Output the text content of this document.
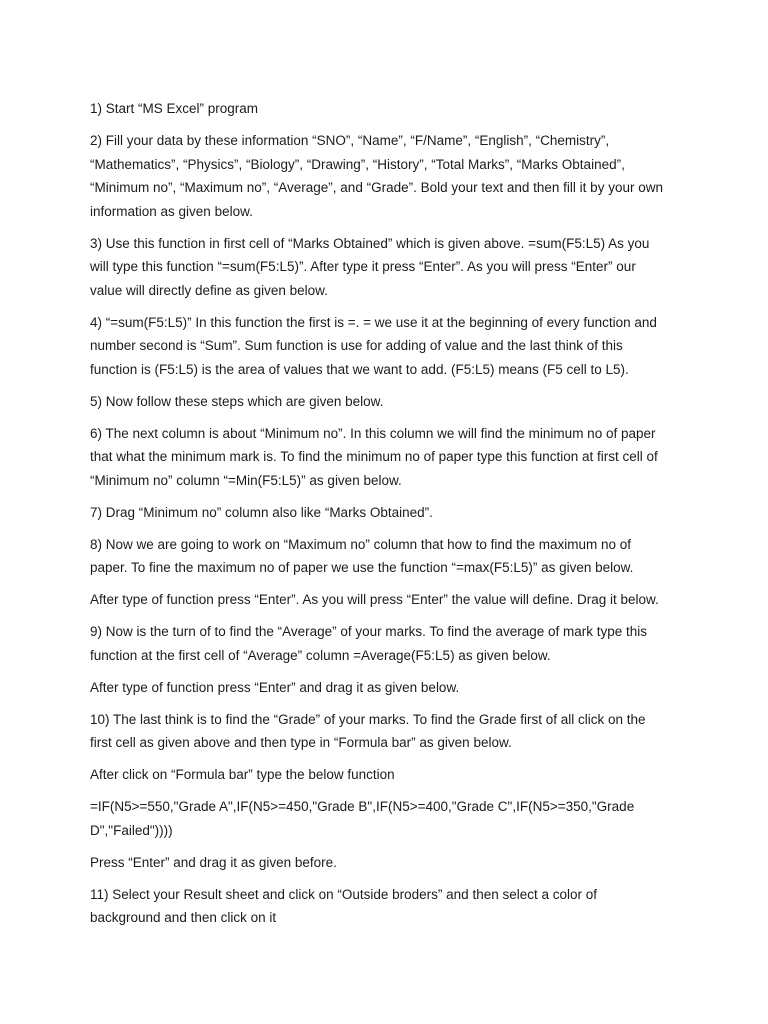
1) Start “MS Excel” program

2) Fill your data by these information “SNO”, “Name”, “F/Name”, “English”, “Chemistry”,
“Mathematics”, “Physics”, “Biology”, “Drawing”, “History”, “Total Marks”, “Marks Obtained”,
“Minimum no”, “Maximum no”, “Average”, and “Grade”. Bold your text and then fill it by your own
information as given below.

3) Use this function in first cell of “Marks Obtained” which is given above. =sum(F5:L5) As you
will type this function “=sum(F5:L5)”. After type it press “Enter”. As you will press “Enter” our
value will directly define as given below.

4) “=sum(F5:L5)” In this function the first is =. = we use it at the beginning of every function and
number second is “Sum”. Sum function is use for adding of value and the last think of this
function is (F5:L5) is the area of values that we want to add. (F5:L5) means (F5 cell to L5).

5) Now follow these steps which are given below.

6) The next column is about “Minimum no”. In this column we will find the minimum no of paper
that what the minimum mark is. To find the minimum no of paper type this function at first cell of
“Minimum no” column “=Min(F5:L5)” as given below.

7) Drag “Minimum no” column also like “Marks Obtained”.

8) Now we are going to work on “Maximum no” column that how to find the maximum no of
paper. To fine the maximum no of paper we use the function “=max(F5:L5)” as given below.

After type of function press “Enter”. As you will press “Enter” the value will define. Drag it below.

9) Now is the turn of to find the “Average” of your marks. To find the average of mark type this
function at the first cell of “Average” column =Average(F5:L5) as given below.

After type of function press “Enter” and drag it as given below.

10) The last think is to find the “Grade” of your marks. To find the Grade first of all click on the
first cell as given above and then type in “Formula bar” as given below.

After click on “Formula bar” type the below function

=IF(N5>=550,"Grade A",IF(N5>=450,"Grade B",IF(N5>=400,"Grade C",IF(N5>=350,"Grade
D","Failed"))))

Press “Enter” and drag it as given before.

11) Select your Result sheet and click on “Outside broders” and then select a color of
background and then click on it
